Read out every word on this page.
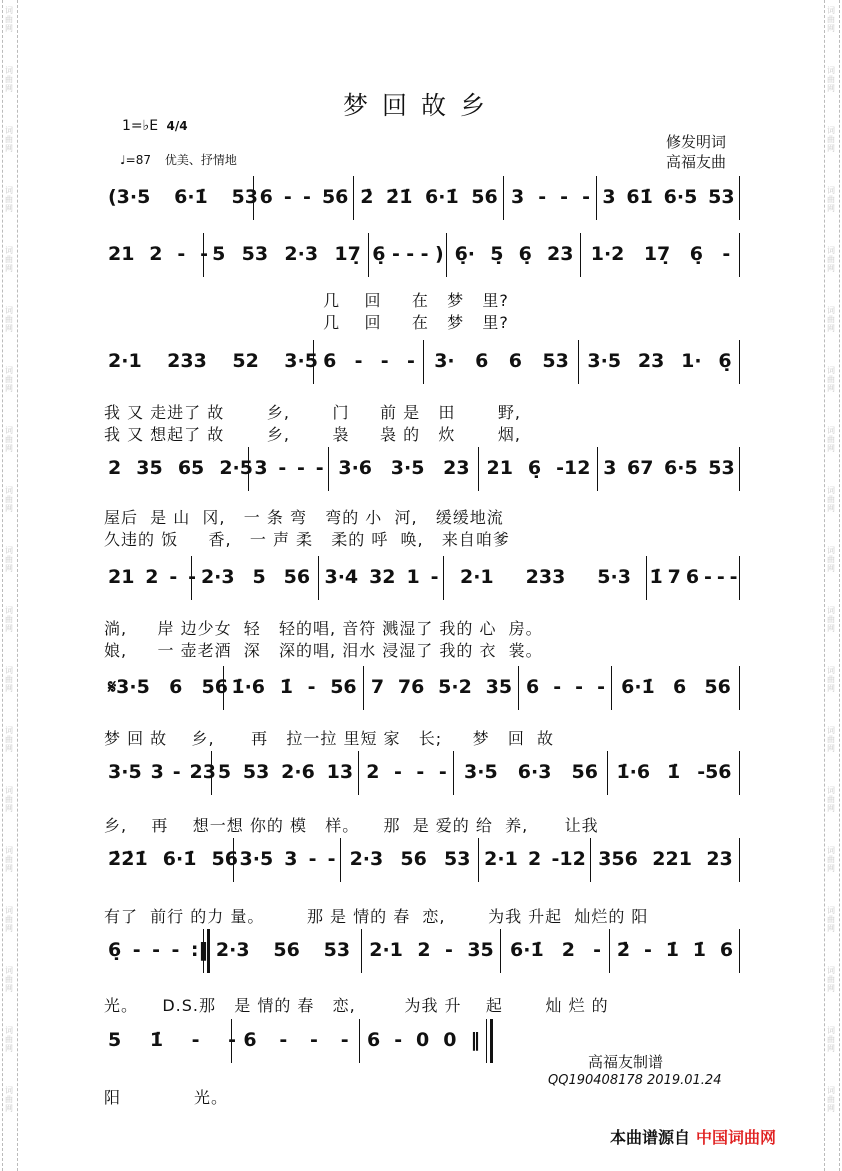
词曲网
词曲网
词曲网
词曲网
词曲网
词曲网
词曲网
词曲网
词曲网
词曲网
词曲网
词曲网
词曲网
词曲网
词曲网
词曲网
词曲网
词曲网
词曲网
词曲网
词曲网
词曲网
词曲网
词曲网
词曲网
词曲网
词曲网
词曲网
词曲网
词曲网
词曲网
词曲网
词曲网
词曲网
词曲网
词曲网
词曲网
词曲网
梦回故乡
1=♭E 4/4
♩=87 优美、抒情地
修发明词
高福友曲
(3·5 6·1̇ 53 6 - - 56 2̇ 2̇1̇ 6·1̇ 56 3 - - - 3 61̇ 6·5 53
21 2 - - 5 53 2·3 17̣ 6̣ - - - ) 6̣· 5̣ 6̣ 23 1·2 17̣ 6̣ -
几    回     在   梦   里?
几    回     在   梦   里?
2·1 233 52 3·5 6 - - - 3· 6 6 53 3·5 23 1· 6̣
我 又 走进了 故       乡,       门     前 是   田       野,
我 又 想起了 故       乡,       袅     袅 的   炊       烟,
2 35 65 2·5 3 - - - 3·6 3·5 23 21 6̣ -12 3 67 6·5 53
屋后  是 山  冈,   一 条 弯   弯的 小  河,   缓缓地流
久违的 饭     香,   一 声 柔   柔的 呼  唤,   来自咱爹
21 2 - - 2·3 5 56 3·4 32 1 - 2·1 233 5·3 1̇ 7 6 - - -
淌,     岸 边少女  轻   轻的唱, 音符 溅湿了 我的 心  房。
娘,     一 壶老酒  深   深的唱, 泪水 浸湿了 我的 衣  裳。
𝄋3·5 6 56 1̇·6 1̇ - 56 7 76 5·2 35 6 - - - 6·1̇ 6 56
梦 回 故    乡,      再   拉一拉 里短 家   长;     梦   回  故
3·5 3 - 23 5 53 2·6 13 2 - - - 3·5 6·3 56 1̇·6 1̇ -56
乡,    再    想一想 你的 模   样。    那  是 爱的 给  养,      让我
2̇2̇1̇ 6·1̇ 56 3·5 3 - - 2·3 56 53 2·1 2 -12 356 221 23
有了  前行 的力 量。       那 是 情的 春  恋,       为我 升起  灿烂的 阳
6̣ - - - :‖ 2·3 56 53 2·1 2 - 35 6·1̇ 2 - 2̇ - 1̇ 1̇ 6
光。    D.S.那   是 情的 春   恋,        为我 升    起       灿 烂 的
5 1̇ - - 6 - - - 6 - 0 0 ‖
阳            光。
高福友制谱
QQ190408178 2019.01.24
本曲谱源自 中国词曲网
